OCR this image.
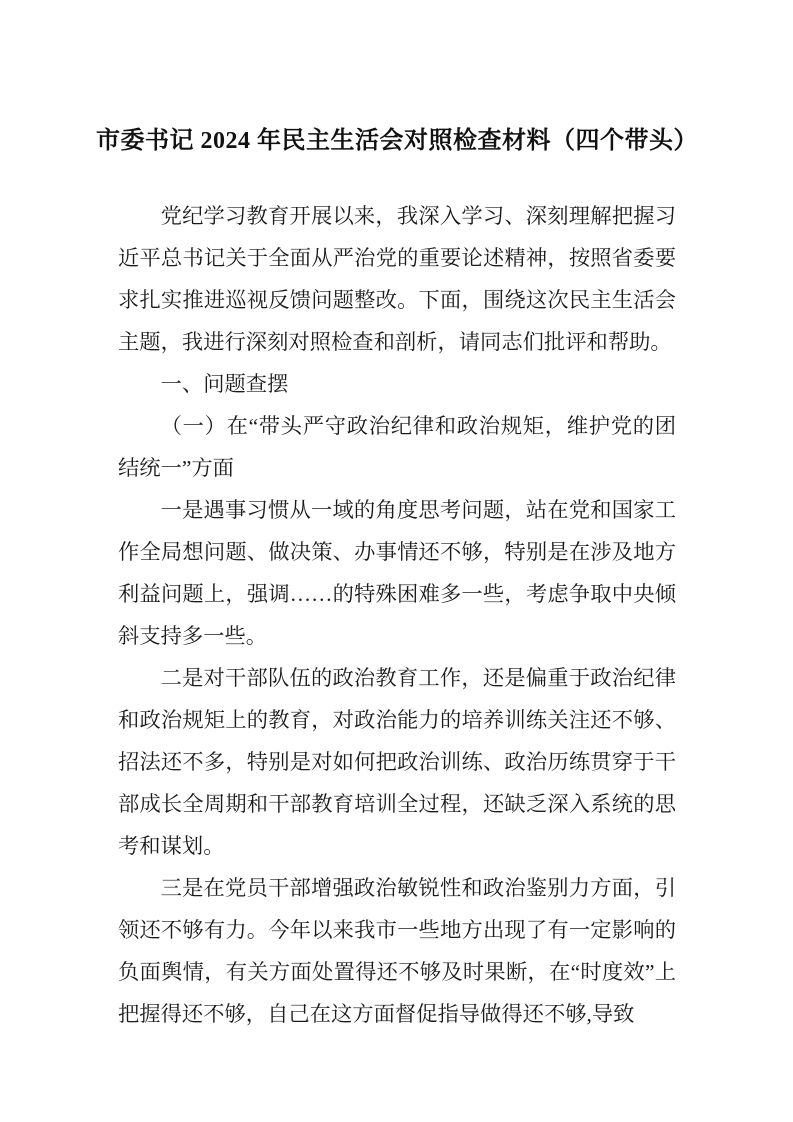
市委书记 2024 年民主生活会对照检查材料（四个带头）

党纪学习教育开展以来，我深入学习、深刻理解把握习近平总书记关于全面从严治党的重要论述精神，按照省委要求扎实推进巡视反馈问题整改。下面，围绕这次民主生活会主题，我进行深刻对照检查和剖析，请同志们批评和帮助。

一、问题查摆

（一）在“带头严守政治纪律和政治规矩，维护党的团结统一”方面

一是遇事习惯从一域的角度思考问题，站在党和国家工作全局想问题、做决策、办事情还不够，特别是在涉及地方利益问题上，强调……的特殊困难多一些，考虑争取中央倾斜支持多一些。

二是对干部队伍的政治教育工作，还是偏重于政治纪律和政治规矩上的教育，对政治能力的培养训练关注还不够、招法还不多，特别是对如何把政治训练、政治历练贯穿于干部成长全周期和干部教育培训全过程，还缺乏深入系统的思考和谋划。

三是在党员干部增强政治敏锐性和政治鉴别力方面，引领还不够有力。今年以来我市一些地方出现了有一定影响的负面舆情，有关方面处置得还不够及时果断，在“时度效”上把握得还不够，自己在这方面督促指导做得还不够,导致
